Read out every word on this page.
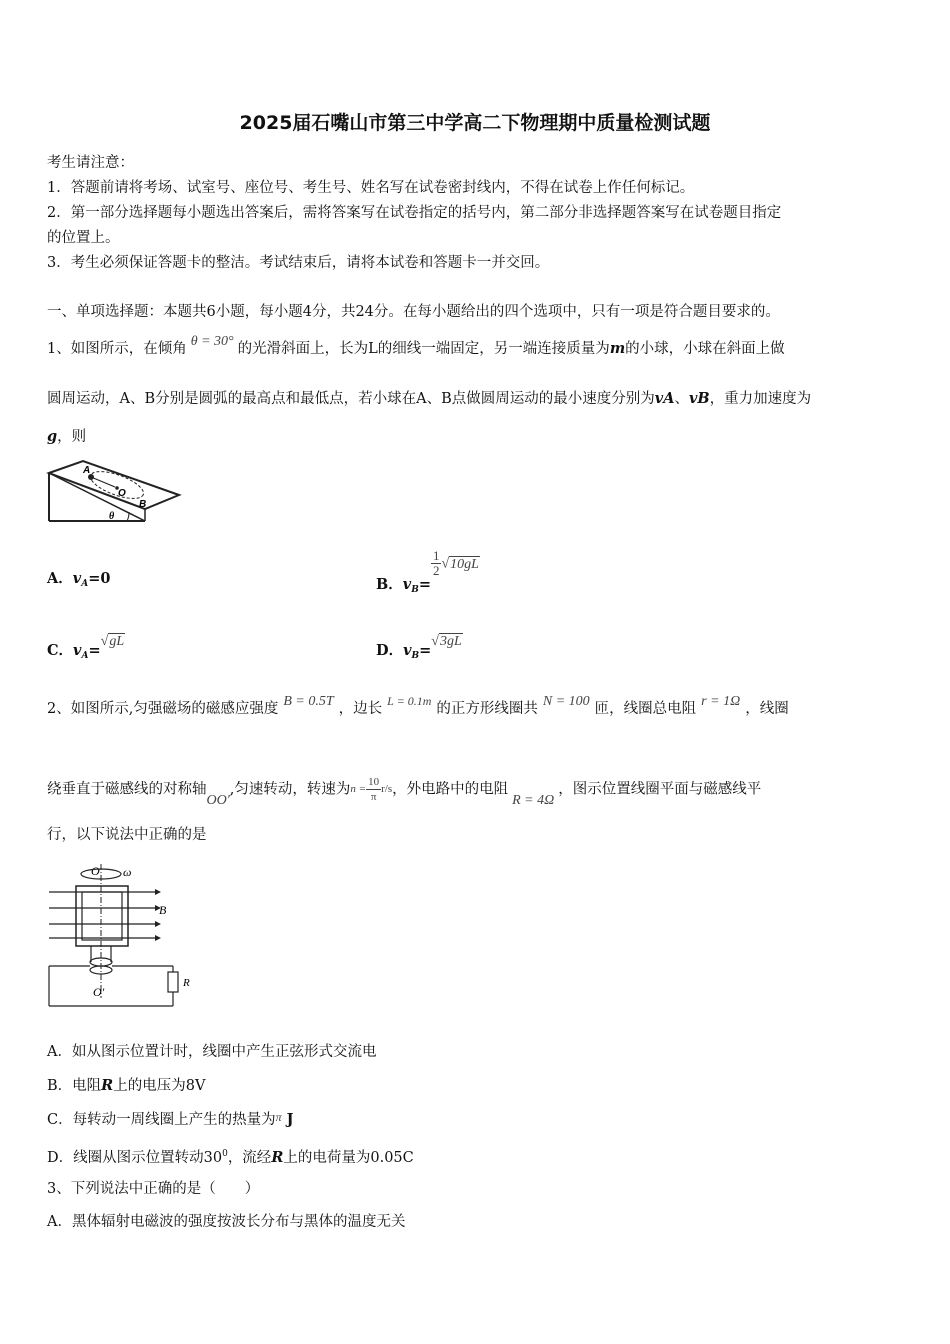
2025届石嘴山市第三中学高二下物理期中质量检测试题
考生请注意：
1．答题前请将考场、试室号、座位号、考生号、姓名写在试卷密封线内，不得在试卷上作任何标记。
2．第一部分选择题每小题选出答案后，需将答案写在试卷指定的括号内，第二部分非选择题答案写在试卷题目指定
的位置上。
3．考生必须保证答题卡的整洁。考试结束后，请将本试卷和答题卡一并交回。
一、单项选择题：本题共6小题，每小题4分，共24分。在每小题给出的四个选项中，只有一项是符合题目要求的。
1、如图所示，在倾角 θ = 30° 的光滑斜面上，长为L的细线一端固定，另一端连接质量为m的小球，小球在斜面上做
圆周运动，A、B分别是圆弧的最高点和最低点，若小球在A、B点做圆周运动的最小速度分别为vA、vB，重力加速度为
g，则
A
O
B
θ
A．$v_A=0$	B．$v_B=$
$\frac{1}{2} √10gL$
C．$v_A=√gL$
D．$v_B=√3gL$
2、如图所示,匀强磁场的磁感应强度 B = 0.5T ，边长 $^{L = 0.1m}$ 的正方形线圈共 N = 100 匝，线圈总电阻 r = 1Ω ，线圈
绕垂直于磁感线的对称轴OO′,匀速转动，转速为$n = \frac{10}{\pi} r/s$，外电路中的电阻R = 4Ω，图示位置线圈平面与磁感线平
行，以下说法中正确的是
O ω
B
R
O′
A．如从图示位置计时，线圈中产生正弦形式交流电
B．电阻R上的电压为8V
C．每转动一周线圈上产生的热量为$^\pi$ J
D．线圈从图示位置转动$30^0$，流经R上的电荷量为0.05C
3、下列说法中正确的是（　　）
A．黑体辐射电磁波的强度按波长分布与黑体的温度无关
